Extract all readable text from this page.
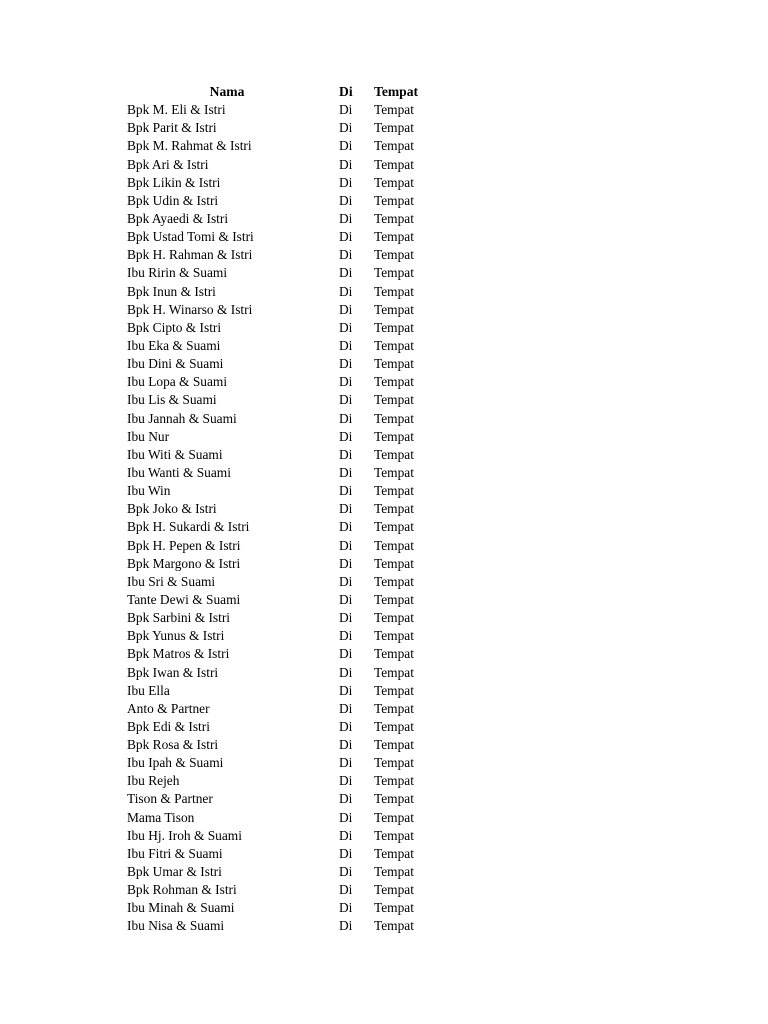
Nama	Di	Tempat
Bpk M. Eli & Istri	Di	Tempat
Bpk Parit & Istri	Di	Tempat
Bpk M. Rahmat & Istri	Di	Tempat
Bpk Ari & Istri	Di	Tempat
Bpk Likin & Istri	Di	Tempat
Bpk Udin & Istri	Di	Tempat
Bpk Ayaedi & Istri	Di	Tempat
Bpk Ustad Tomi & Istri	Di	Tempat
Bpk H. Rahman & Istri	Di	Tempat
Ibu Ririn & Suami	Di	Tempat
Bpk Inun & Istri	Di	Tempat
Bpk H. Winarso & Istri	Di	Tempat
Bpk Cipto & Istri	Di	Tempat
Ibu Eka & Suami	Di	Tempat
Ibu Dini & Suami	Di	Tempat
Ibu Lopa & Suami	Di	Tempat
Ibu Lis & Suami	Di	Tempat
Ibu Jannah & Suami	Di	Tempat
Ibu Nur	Di	Tempat
Ibu Witi & Suami	Di	Tempat
Ibu Wanti & Suami	Di	Tempat
Ibu Win	Di	Tempat
Bpk Joko & Istri	Di	Tempat
Bpk H. Sukardi & Istri	Di	Tempat
Bpk H. Pepen & Istri	Di	Tempat
Bpk Margono & Istri	Di	Tempat
Ibu Sri & Suami	Di	Tempat
Tante Dewi & Suami	Di	Tempat
Bpk Sarbini & Istri	Di	Tempat
Bpk Yunus & Istri	Di	Tempat
Bpk Matros & Istri	Di	Tempat
Bpk Iwan & Istri	Di	Tempat
Ibu Ella	Di	Tempat
Anto & Partner	Di	Tempat
Bpk Edi & Istri	Di	Tempat
Bpk Rosa & Istri	Di	Tempat
Ibu Ipah & Suami	Di	Tempat
Ibu Rejeh	Di	Tempat
Tison & Partner	Di	Tempat
Mama Tison	Di	Tempat
Ibu Hj. Iroh & Suami	Di	Tempat
Ibu Fitri & Suami	Di	Tempat
Bpk Umar & Istri	Di	Tempat
Bpk Rohman & Istri	Di	Tempat
Ibu Minah & Suami	Di	Tempat
Ibu Nisa & Suami	Di	Tempat
